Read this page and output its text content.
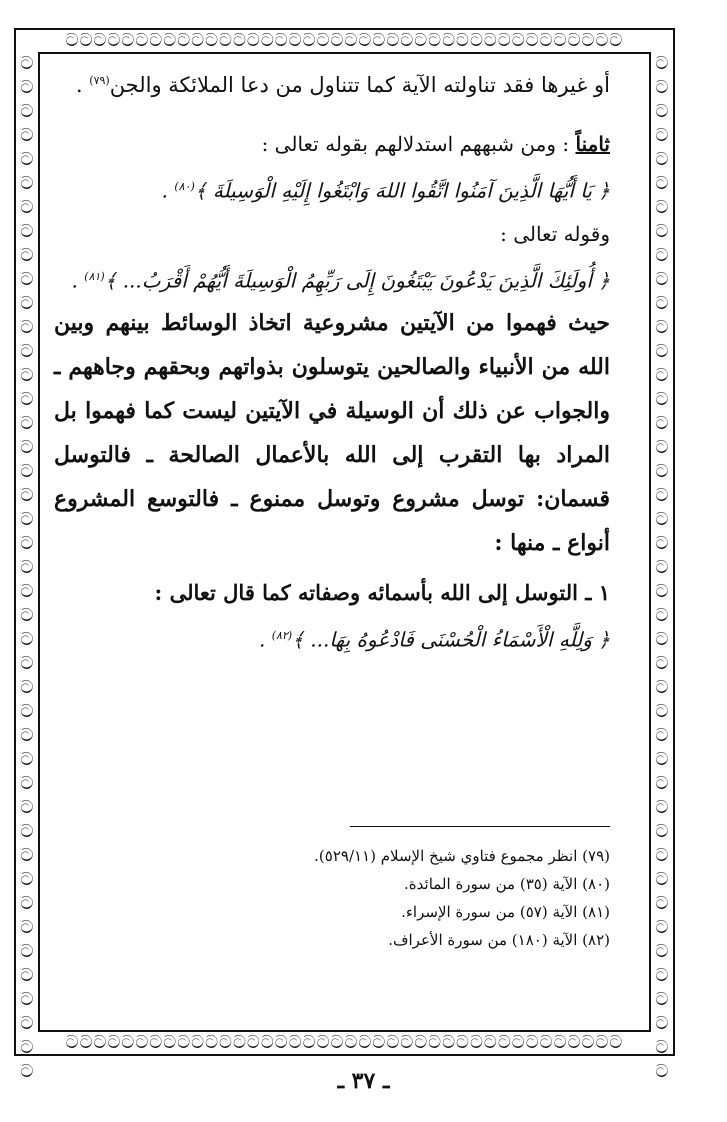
ටටටටටටටටටටටටටටටටටටටටටටටටටටටටටටටටටටටටටටටට
ටටටටටටටටටටටටටටටටටටටටටටටටටටටටටටටටටටටටටටටට
ටටටටටටටටටටටටටටටටටටටටටටටටටටටටටටටටටටටටටටටටටටට
ටටටටටටටටටටටටටටටටටටටටටටටටටටටටටටටටටටටටටටටටටටට

أو غيرها فقد تناولته الآية كما تتناول من دعا الملائكة والجن$^{(٧٩)}$ .

ثامناً : ومن شبههم استدلالهم بقوله تعالى :

﴿ يَا أَيُّهَا الَّذِينَ آمَنُوا اتَّقُوا اللهَ وَابْتَغُوا إِلَيْهِ الْوَسِيلَةَ ﴾$^{(٨٠)}$ .

وقوله تعالى :

﴿ أُولَئِكَ الَّذِينَ يَدْعُونَ يَبْتَغُونَ إِلَى رَبِّهِمُ الْوَسِيلَةَ أَيُّهُمْ أَقْرَبُ... ﴾$^{(٨١)}$ .

حيث فهموا من الآيتين مشروعية اتخاذ الوسائط بينهم وبين الله من الأنبياء والصالحين يتوسلون بذواتهم وبحقهم وجاههم ـ والجواب عن ذلك أن الوسيلة في الآيتين ليست كما فهموا بل المراد بها التقرب إلى الله بالأعمال الصالحة ـ فالتوسل قسمان: توسل مشروع وتوسل ممنوع ـ فالتوسع المشروع أنواع ـ منها :

١ ـ التوسل إلى الله بأسمائه وصفاته كما قال تعالى :

﴿ وَلِلَّهِ الْأَسْمَاءُ الْحُسْنَى فَادْعُوهُ بِهَا... ﴾$^{(٨٢)}$ .

(٧٩) انظر مجموع فتاوي شيخ الإسلام (٥٢٩/١١).
(٨٠) الآية (٣٥) من سورة المائدة.
(٨١) الآية (٥٧) من سورة الإسراء.
(٨٢) الآية (١٨٠) من سورة الأعراف.
ـ ٣٧ ـ
